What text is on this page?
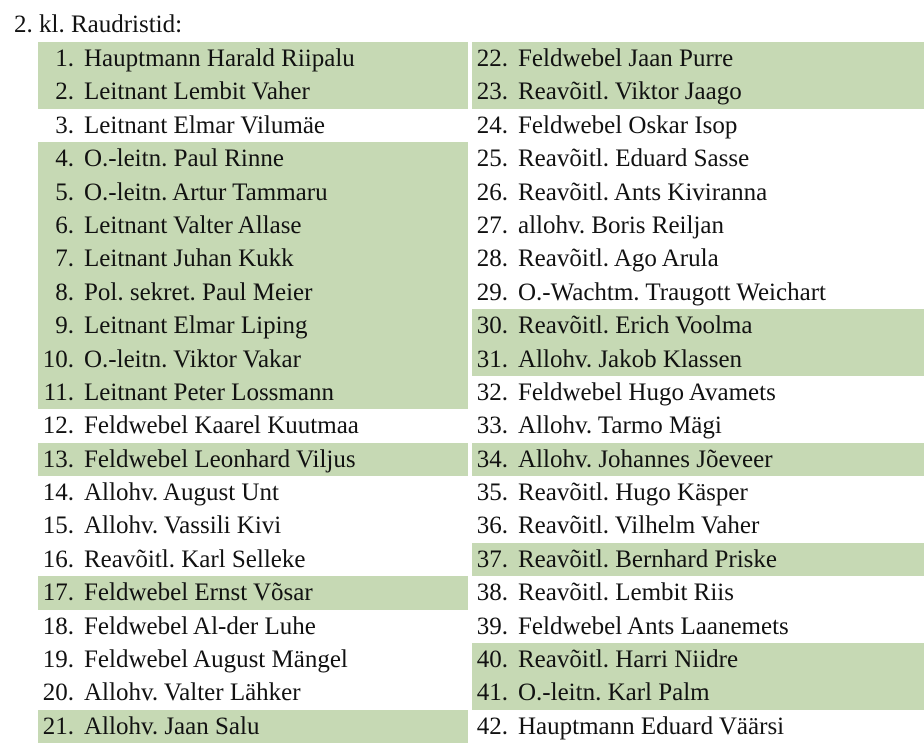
2. kl. Raudristid:
1. Hauptmann Harald Riipalu
2. Leitnant Lembit Vaher
3. Leitnant Elmar Vilumäe
4. O.-leitn. Paul Rinne
5. O.-leitn. Artur Tammaru
6. Leitnant Valter Allase
7. Leitnant Juhan Kukk
8. Pol. sekret. Paul Meier
9. Leitnant Elmar Liping
10. O.-leitn. Viktor Vakar
11. Leitnant Peter Lossmann
12. Feldwebel Kaarel Kuutmaa
13. Feldwebel Leonhard Viljus
14. Allohv. August Unt
15. Allohv. Vassili Kivi
16. Reavõitl. Karl Selleke
17. Feldwebel Ernst Võsar
18. Feldwebel Al-der Luhe
19. Feldwebel August Mängel
20. Allohv. Valter Lähker
21. Allohv. Jaan Salu
22. Feldwebel Jaan Purre
23. Reavõitl. Viktor Jaago
24. Feldwebel Oskar Isop
25. Reavõitl. Eduard Sasse
26. Reavõitl. Ants Kiviranna
27. allohv. Boris Reiljan
28. Reavõitl. Ago Arula
29. O.-Wachtm. Traugott Weichart
30. Reavõitl. Erich Voolma
31. Allohv. Jakob Klassen
32. Feldwebel Hugo Avamets
33. Allohv. Tarmo Mägi
34. Allohv. Johannes Jõeveer
35. Reavõitl. Hugo Käsper
36. Reavõitl. Vilhelm Vaher
37. Reavõitl. Bernhard Priske
38. Reavõitl. Lembit Riis
39. Feldwebel Ants Laanemets
40. Reavõitl. Harri Niidre
41. O.-leitn. Karl Palm
42. Hauptmann Eduard Väärsi
